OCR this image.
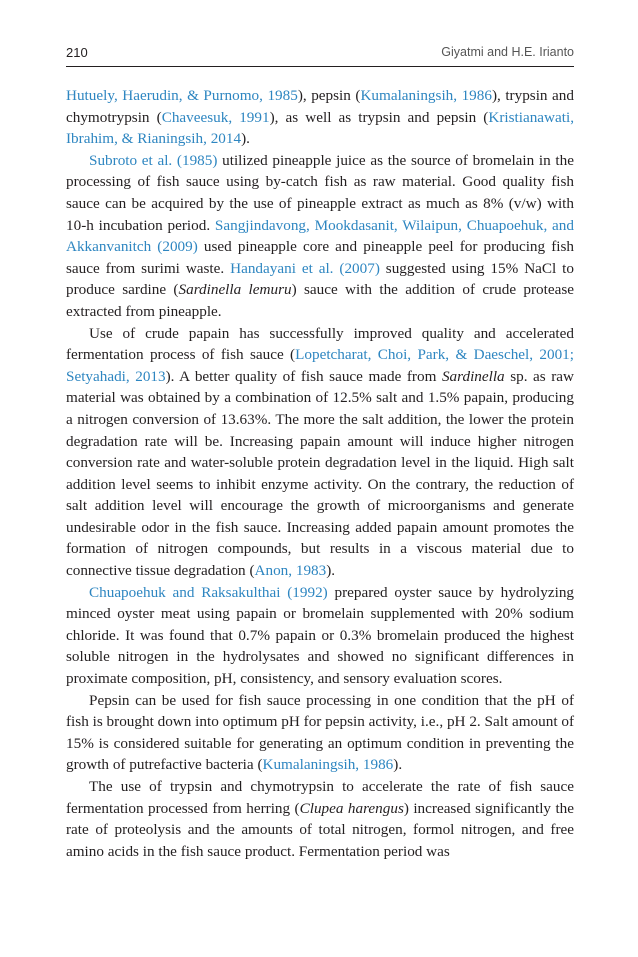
210	Giyatmi and H.E. Irianto

Hutuely, Haerudin, & Purnomo, 1985), pepsin (Kumalaningsih, 1986), trypsin and chymotrypsin (Chaveesuk, 1991), as well as trypsin and pepsin (Kristianawati, Ibrahim, & Rianingsih, 2014).

Subroto et al. (1985) utilized pineapple juice as the source of bromelain in the processing of fish sauce using by-catch fish as raw material. Good quality fish sauce can be acquired by the use of pineapple extract as much as 8% (v/w) with 10-h incubation period. Sangjindavong, Mookdasanit, Wilaipun, Chuapoehuk, and Akkanvanitch (2009) used pineapple core and pineapple peel for producing fish sauce from surimi waste. Handayani et al. (2007) suggested using 15% NaCl to produce sardine (Sardinella lemuru) sauce with the addition of crude protease extracted from pineapple.

Use of crude papain has successfully improved quality and accelerated fermentation process of fish sauce (Lopetcharat, Choi, Park, & Daeschel, 2001; Setyahadi, 2013). A better quality of fish sauce made from Sardinella sp. as raw material was obtained by a combination of 12.5% salt and 1.5% papain, producing a nitrogen conversion of 13.63%. The more the salt addition, the lower the protein degradation rate will be. Increasing papain amount will induce higher nitrogen conversion rate and water-soluble protein degradation level in the liquid. High salt addition level seems to inhibit enzyme activity. On the contrary, the reduction of salt addition level will encourage the growth of microorganisms and generate undesirable odor in the fish sauce. Increasing added papain amount promotes the formation of nitrogen compounds, but results in a viscous material due to connective tissue degradation (Anon, 1983).

Chuapoehuk and Raksakulthai (1992) prepared oyster sauce by hydrolyzing minced oyster meat using papain or bromelain supplemented with 20% sodium chloride. It was found that 0.7% papain or 0.3% bromelain produced the highest soluble nitrogen in the hydrolysates and showed no significant differences in proximate composition, pH, consistency, and sensory evaluation scores.

Pepsin can be used for fish sauce processing in one condition that the pH of fish is brought down into optimum pH for pepsin activity, i.e., pH 2. Salt amount of 15% is considered suitable for generating an optimum condition in preventing the growth of putrefactive bacteria (Kumalaningsih, 1986).

The use of trypsin and chymotrypsin to accelerate the rate of fish sauce fermentation processed from herring (Clupea harengus) increased significantly the rate of proteolysis and the amounts of total nitrogen, formol nitrogen, and free amino acids in the fish sauce product. Fermentation period was
